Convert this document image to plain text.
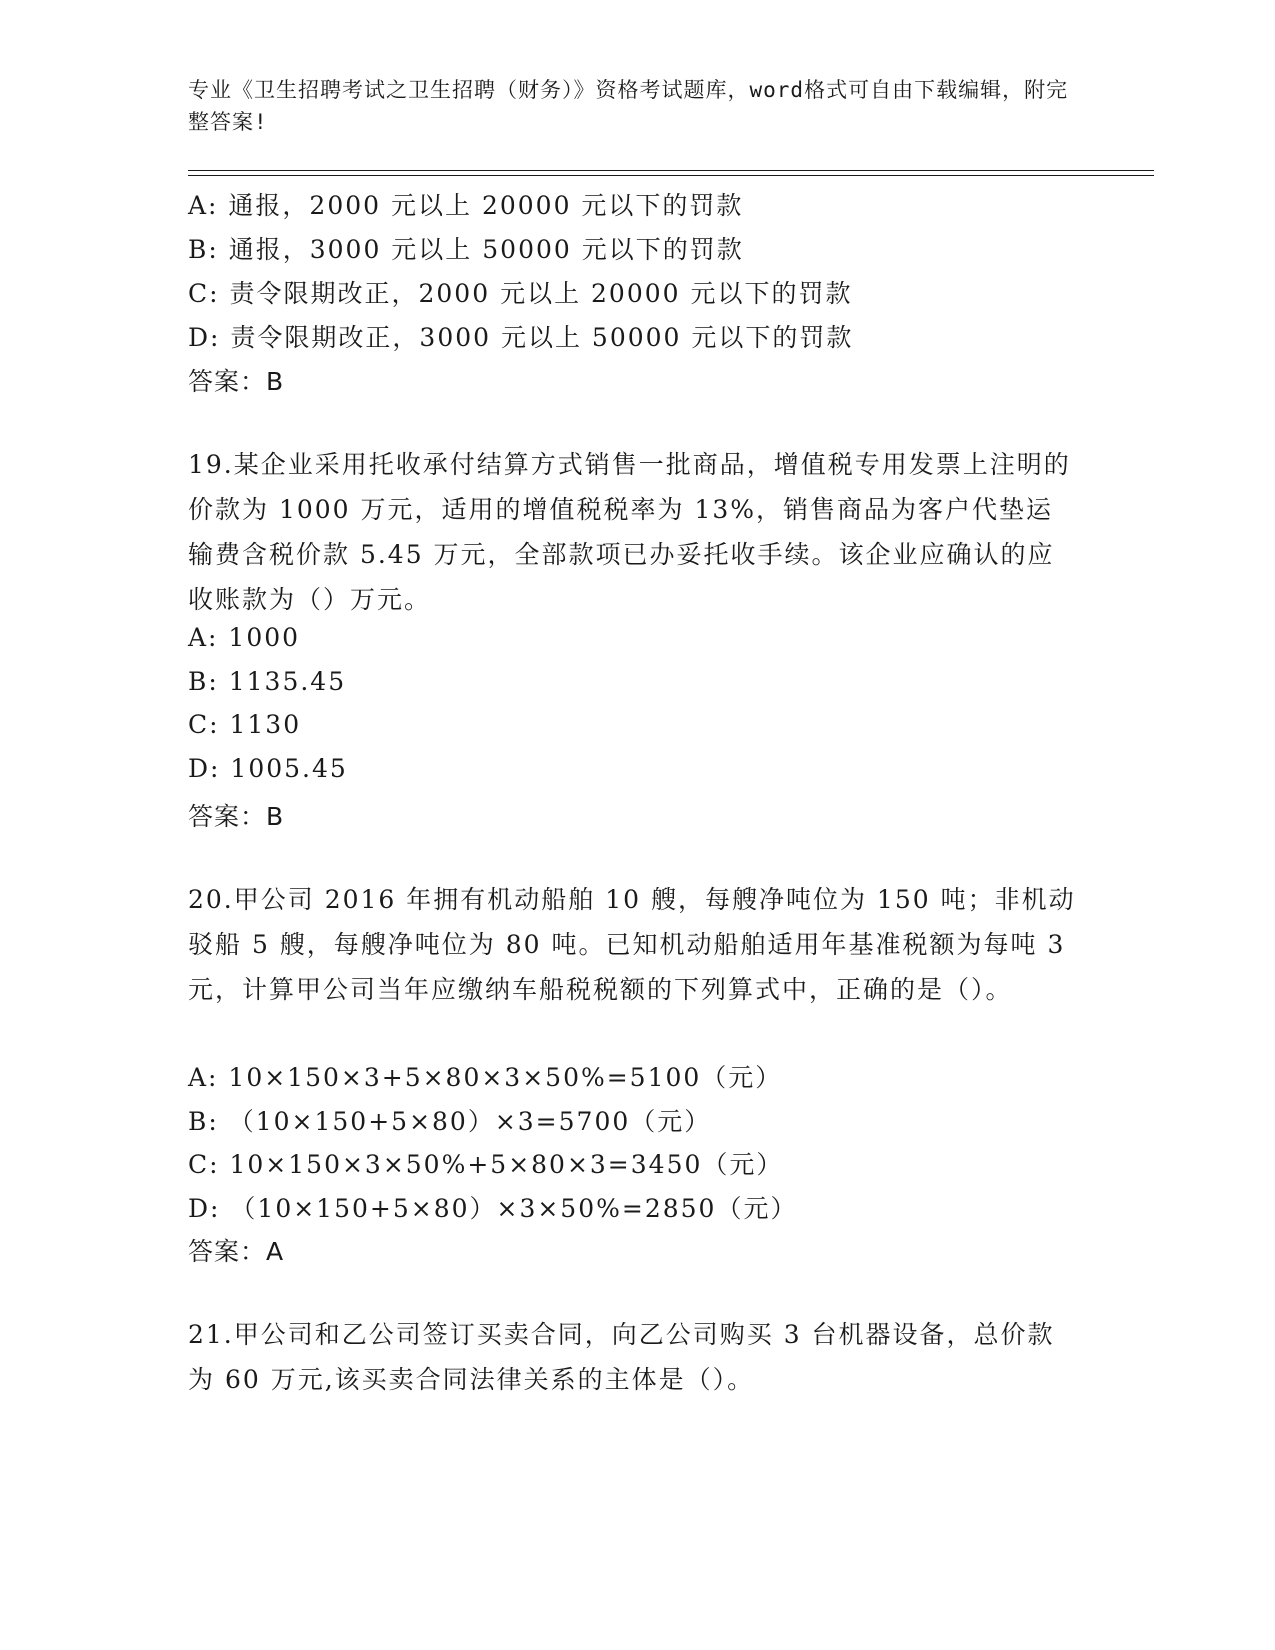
专业《卫生招聘考试之卫生招聘（财务）》资格考试题库，word格式可自由下载编辑，附完整答案!
A: 通报，2000 元以上 20000 元以下的罚款
B: 通报，3000 元以上 50000 元以下的罚款
C: 责令限期改正，2000 元以上 20000 元以下的罚款
D: 责令限期改正，3000 元以上 50000 元以下的罚款
答案：B
19.某企业采用托收承付结算方式销售一批商品，增值税专用发票上注明的价款为 1000 万元，适用的增值税税率为 13%，销售商品为客户代垫运输费含税价款 5.45 万元，全部款项已办妥托收手续。该企业应确认的应收账款为（）万元。
A: 1000
B: 1135.45
C: 1130
D: 1005.45
答案：B
20.甲公司 2016 年拥有机动船舶 10 艘，每艘净吨位为 150 吨；非机动驳船 5 艘，每艘净吨位为 80 吨。已知机动船舶适用年基准税额为每吨 3 元，计算甲公司当年应缴纳车船税税额的下列算式中，正确的是（）。
A: 10×150×3+5×80×3×50%=5100（元）
B: （10×150+5×80）×3=5700（元）
C: 10×150×3×50%+5×80×3=3450（元）
D: （10×150+5×80）×3×50%=2850（元）
答案：A
21.甲公司和乙公司签订买卖合同，向乙公司购买 3 台机器设备，总价款为 60 万元,该买卖合同法律关系的主体是（）。
